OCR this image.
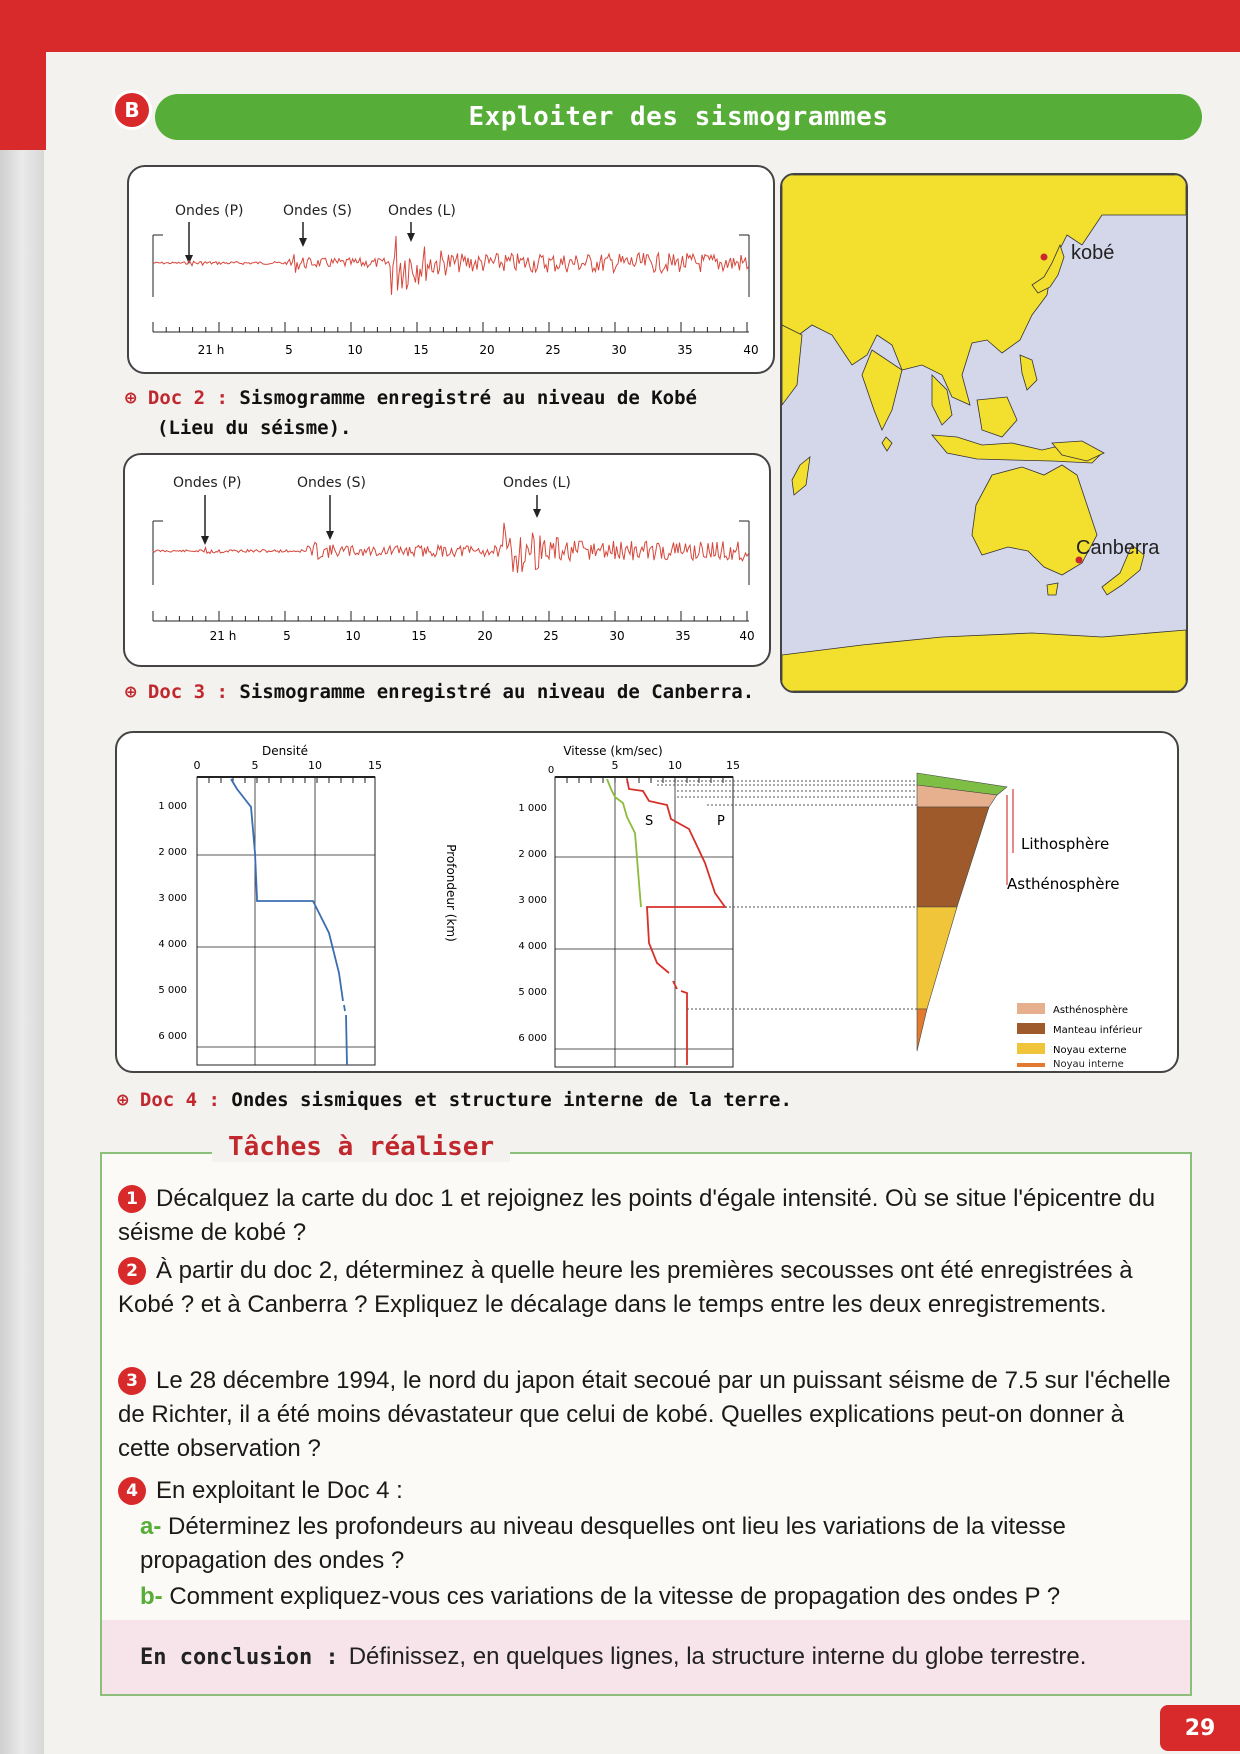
B	Exploiter des sismogrammes
Ondes (P)	Ondes (S)	Ondes (L)
21 h	5	10	15	20	25	30	35	40
⊕ Doc 2 : Sismogramme enregistré au niveau de Kobé
(Lieu du séisme).
Ondes (P)	Ondes (S)	Ondes (L)
21 h	5	10	15	20	25	30	35	40
⊕ Doc 3 : Sismogramme enregistré au niveau de Canberra.
kobé
Canberra
Densité
0	5	10	15
1 000
2 000
3 000
4 000
5 000
6 000
Profondeur (km)
Vitesse (km/sec)
0	5	10	15
1 000
2 000
3 000
4 000
5 000
6 000
S	P
Lithosphère
Asthénosphère
Asthénosphère
Manteau inférieur
Noyau externe
Noyau interne
⊕ Doc 4 : Ondes sismiques et structure interne de la terre.
Tâches à réaliser
1 Décalquez la carte du doc 1 et rejoignez les points d'égale intensité. Où se situe l'épicentre du séisme de kobé ?
2 À partir du doc 2, déterminez à quelle heure les premières secousses ont été enregistrées à Kobé ? et à Canberra ? Expliquez le décalage dans le temps entre les deux enregistrements.
3 Le 28 décembre 1994, le nord du japon était secoué par un puissant séisme de 7.5 sur l'échelle de Richter, il a été moins dévastateur que celui de kobé. Quelles explications peut-on donner à cette observation ?
4 En exploitant le Doc 4 :
a- Déterminez les profondeurs au niveau desquelles ont lieu les variations de la vitesse propagation des ondes ?
b- Comment expliquez-vous ces variations de la vitesse de propagation des ondes P ?
En conclusion : Définissez, en quelques lignes, la structure interne du globe terrestre.
29
